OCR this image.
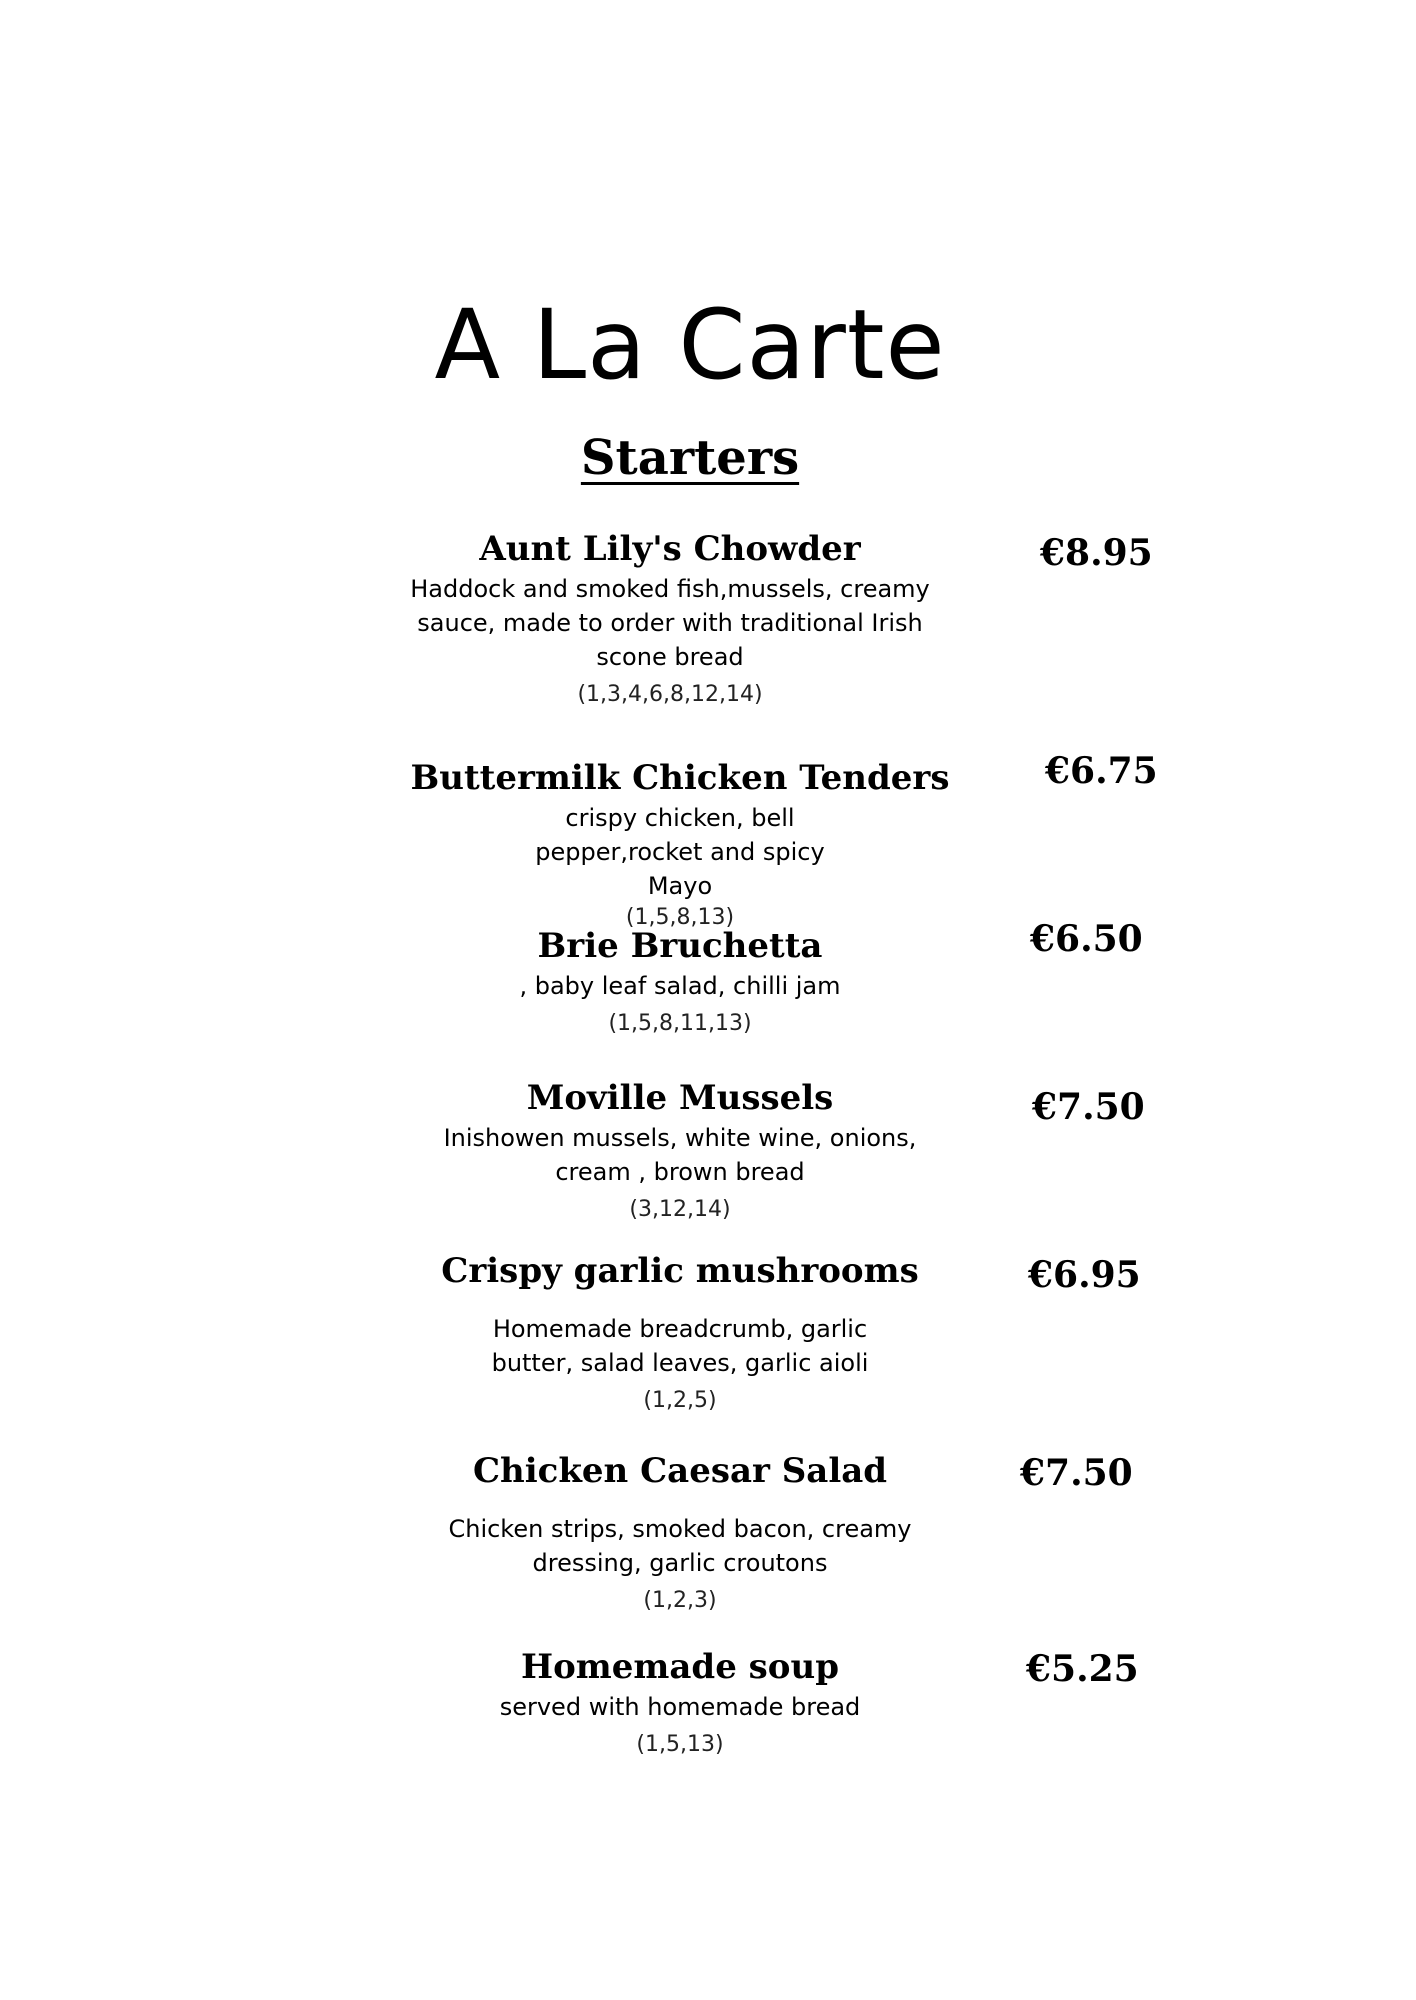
A La Carte
Starters
Aunt Lily's Chowder
Haddock and smoked fish,mussels, creamy sauce, made to order with traditional Irish scone bread
(1,3,4,6,8,12,14)
€8.95
Buttermilk Chicken Tenders
crispy chicken, bell pepper,rocket and spicy Mayo
(1,5,8,13)
€6.75
Brie Bruchetta
, baby leaf salad, chilli jam
(1,5,8,11,13)
€6.50
Moville Mussels
Inishowen mussels, white wine, onions, cream , brown bread
(3,12,14)
€7.50
Crispy garlic mushrooms
Homemade breadcrumb, garlic butter, salad leaves, garlic aioli
(1,2,5)
€6.95
Chicken Caesar Salad
Chicken strips, smoked bacon, creamy dressing, garlic croutons
(1,2,3)
€7.50
Homemade soup
served with homemade bread
(1,5,13)
€5.25
